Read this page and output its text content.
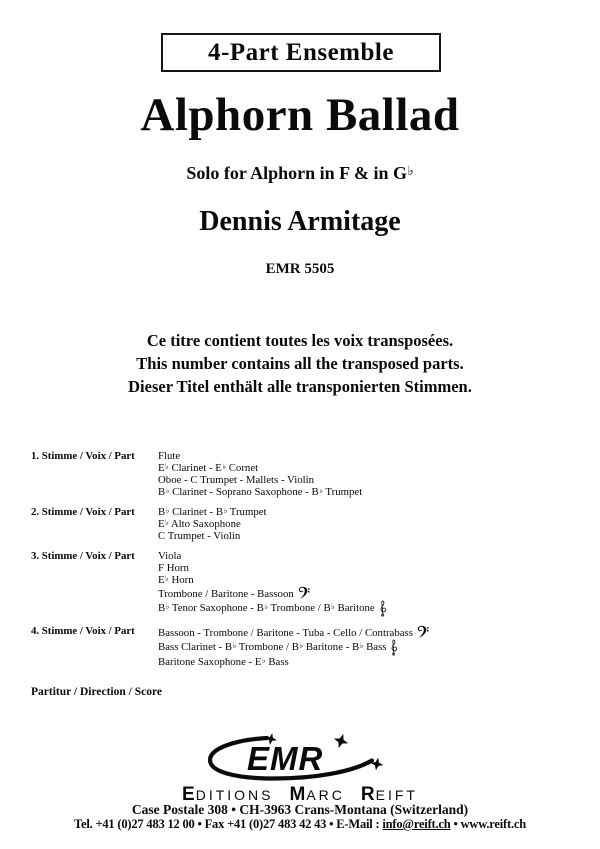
4-Part Ensemble
Alphorn Ballad
Solo for Alphorn in F & in G♭
Dennis Armitage
EMR 5505
Ce titre contient toutes les voix transposées.
This number contains all the transposed parts.
Dieser Titel enthält alle transponierten Stimmen.
1. Stimme / Voix / Part	Flute
E♭ Clarinet - E♭ Cornet
Oboe - C Trumpet - Mallets - Violin
B♭ Clarinet - Soprano Saxophone - B♭ Trumpet
2. Stimme / Voix / Part	B♭ Clarinet - B♭ Trumpet
E♭ Alto Saxophone
C Trumpet - Violin
3. Stimme / Voix / Part	Viola
F Horn
E♭ Horn
Trombone / Baritone - Bassoon
B♭ Tenor Saxophone - B♭ Trombone / B♭ Baritone
4. Stimme / Voix / Part	Bassoon - Trombone / Baritone - Tuba - Cello / Contrabass
Bass Clarinet - B♭ Trombone / B♭ Baritone - B♭ Bass
Baritone Saxophone - E♭ Bass
Partitur / Direction / Score
EMR
EDITIONS MARC REIFT
Case Postale 308 • CH-3963 Crans-Montana (Switzerland)
Tel. +41 (0)27 483 12 00 • Fax +41 (0)27 483 42 43 • E-Mail : info@reift.ch • www.reift.ch
